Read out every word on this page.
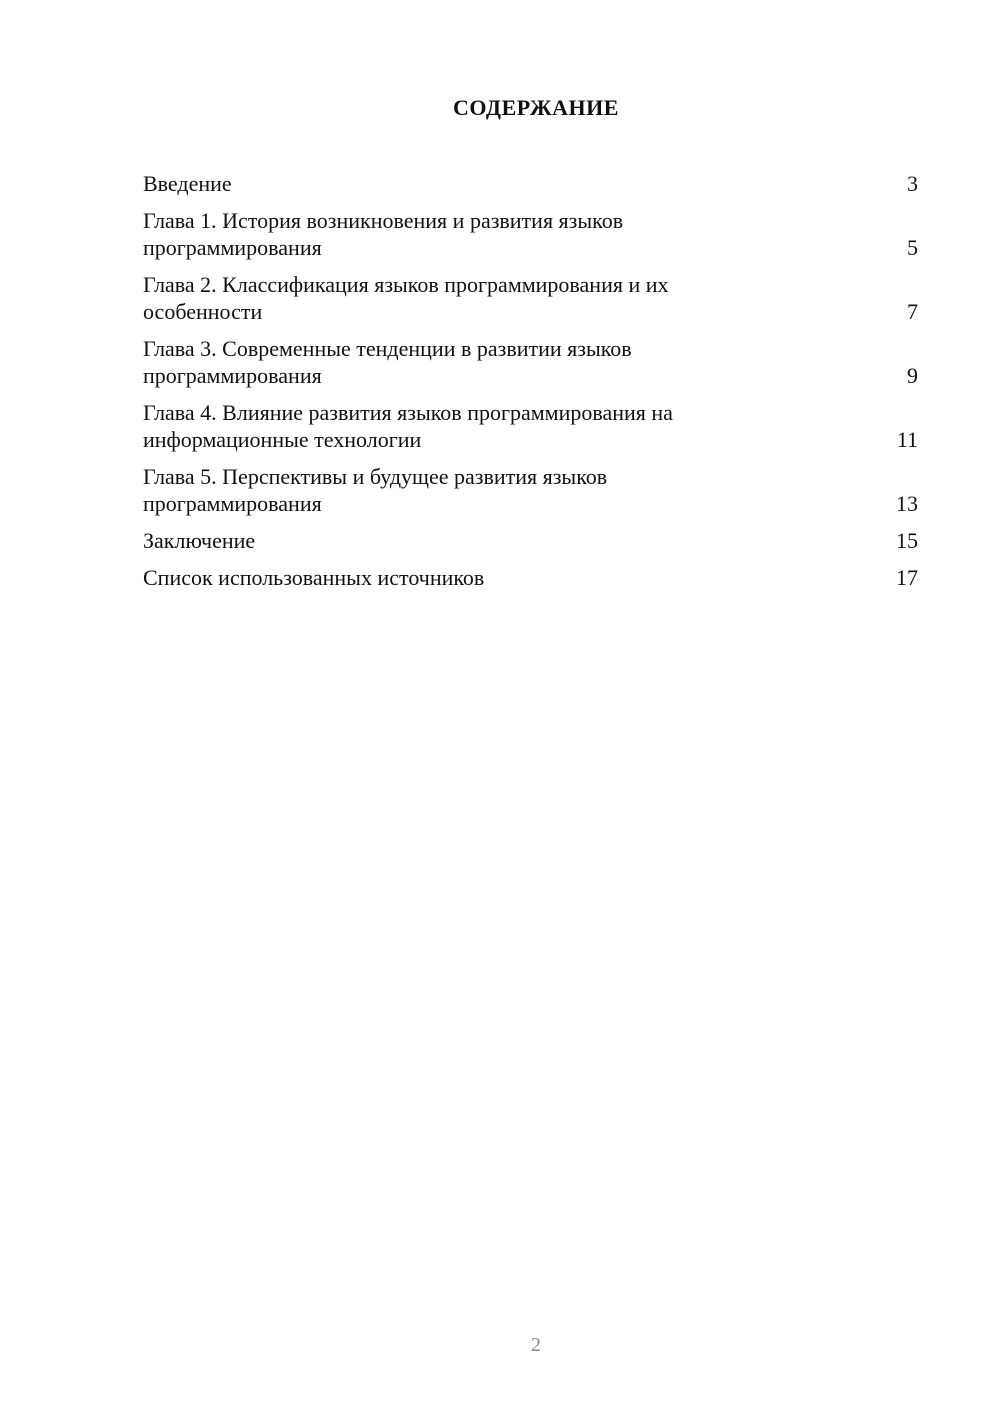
СОДЕРЖАНИЕ
Введение	3
Глава 1. История возникновения и развития языков
программирования	5
Глава 2. Классификация языков программирования и их
особенности	7
Глава 3. Современные тенденции в развитии языков
программирования	9
Глава 4. Влияние развития языков программирования на
информационные технологии	11
Глава 5. Перспективы и будущее развития языков
программирования	13
Заключение	15
Список использованных источников	17
2
